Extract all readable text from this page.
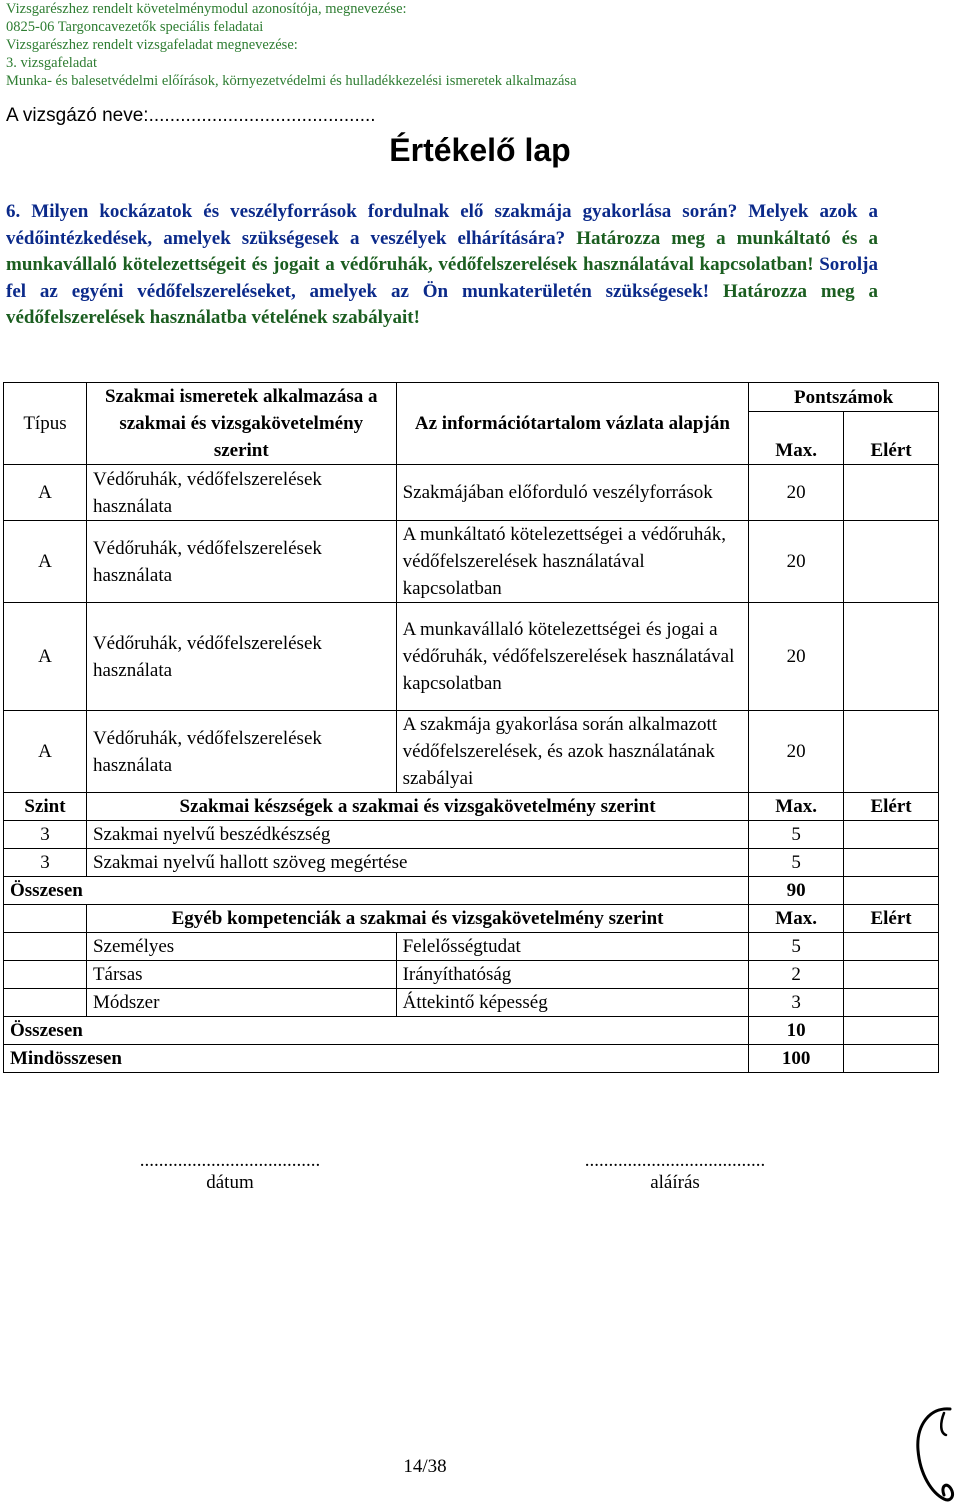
Vizsgarészhez rendelt követelménymodul azonosítója, megnevezése:
0825-06 Targoncavezetők speciális feladatai
Vizsgarészhez rendelt vizsgafeladat megnevezése:
3. vizsgafeladat
Munka- és balesetvédelmi előírások, környezetvédelmi és hulladékkezelési ismeretek alkalmazása
A vizsgázó neve:...........................................
Értékelő lap
6. Milyen kockázatok és veszélyforrások fordulnak elő szakmája gyakorlása során? Melyek azok a védőintézkedések, amelyek szükségesek a veszélyek elhárítására? Határozza meg a munkáltató és a munkavállaló kötelezettségeit és jogait a védőruhák, védőfelszerelések használatával kapcsolatban! Sorolja fel az egyéni védőfelszereléseket, amelyek az Ön munkaterületén szükségesek! Határozza meg a védőfelszerelések használatba vételének szabályait!
Típus	Szakmai ismeretek alkalmazása a szakmai és vizsgakövetelmény szerint	Az információtartalom vázlata alapján	Pontszámok	
			Max.	Elért
A	Védőruhák, védőfelszerelések használata	Szakmájában előforduló veszélyforrások	20	
A	Védőruhák, védőfelszerelések használata	A munkáltató kötelezettségei a védőruhák, védőfelszerelések használatával kapcsolatban	20	
A	Védőruhák, védőfelszerelések használata	A munkavállaló kötelezettségei és jogai a védőruhák, védőfelszerelések használatával kapcsolatban	20	
A	Védőruhák, védőfelszerelések használata	A szakmája gyakorlása során alkalmazott védőfelszerelések, és azok használatának szabályai	20	
Szint	Szakmai készségek a szakmai és vizsgakövetelmény szerint		Max.	Elért
3	Szakmai nyelvű beszédkészség		5	
3	Szakmai nyelvű hallott szöveg megértése		5	
Összesen			90	
	Egyéb kompetenciák a szakmai és vizsgakövetelmény szerint		Max.	Elért
	Személyes	Felelősségtudat	5	
	Társas	Irányíthatóság	2	
	Módszer	Áttekintő képesség	3	
Összesen			10	
Mindösszesen			100	
......................................
dátum
......................................
aláírás
14/38
